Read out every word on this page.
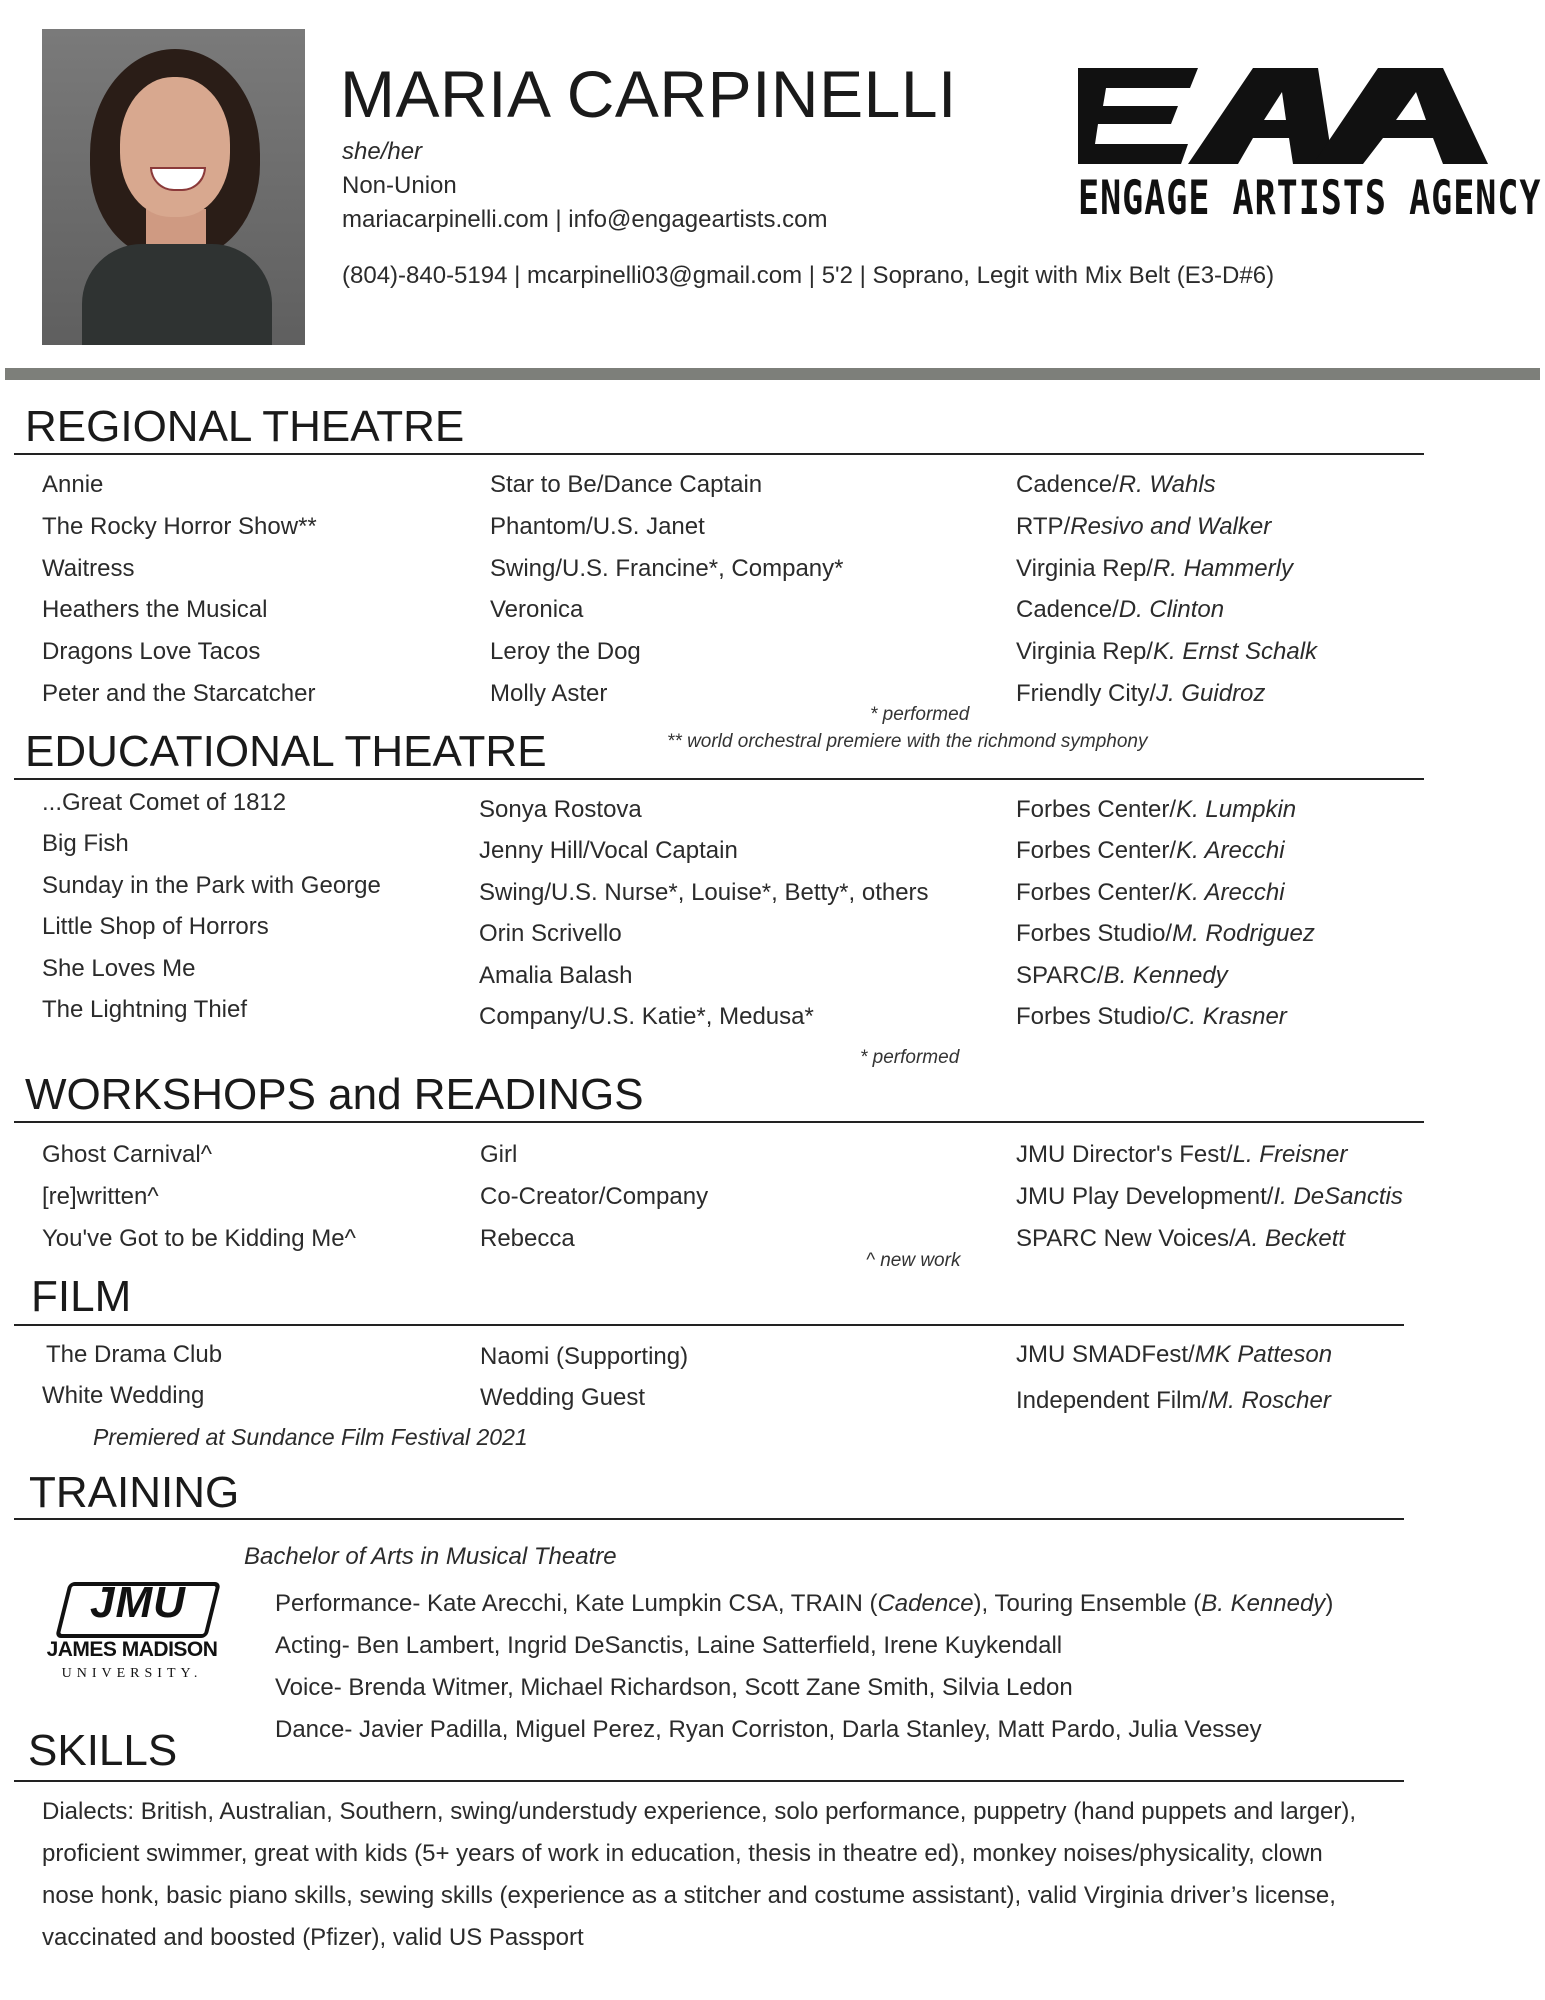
MARIA CARPINELLI
she/her
Non-Union
mariacarpinelli.com | info@engageartists.com
(804)-840-5194 | mcarpinelli03@gmail.com | 5'2 | Soprano, Legit with Mix Belt (E3-D#6)
ENGAGE ARTISTS AGENCY
REGIONAL THEATRE
Annie	Star to Be/Dance Captain	Cadence/R. Wahls
The Rocky Horror Show**	Phantom/U.S. Janet	RTP/Resivo and Walker
Waitress	Swing/U.S. Francine*, Company*	Virginia Rep/R. Hammerly
Heathers the Musical	Veronica	Cadence/D. Clinton
Dragons Love Tacos	Leroy the Dog	Virginia Rep/K. Ernst Schalk
Peter and the Starcatcher	Molly Aster	Friendly City/J. Guidroz
* performed
** world orchestral premiere with the richmond symphony
EDUCATIONAL THEATRE
...Great Comet of 1812	Sonya Rostova	Forbes Center/K. Lumpkin
Big Fish	Jenny Hill/Vocal Captain	Forbes Center/K. Arecchi
Sunday in the Park with George	Swing/U.S. Nurse*, Louise*, Betty*, others	Forbes Center/K. Arecchi
Little Shop of Horrors	Orin Scrivello	Forbes Studio/M. Rodriguez
She Loves Me	Amalia Balash	SPARC/B. Kennedy
The Lightning Thief	Company/U.S. Katie*, Medusa*	Forbes Studio/C. Krasner
* performed
WORKSHOPS and READINGS
Ghost Carnival^	Girl	JMU Director's Fest/L. Freisner
[re]written^	Co-Creator/Company	JMU Play Development/I. DeSanctis
You've Got to be Kidding Me^	Rebecca	SPARC New Voices/A. Beckett
^ new work
FILM
The Drama Club	Naomi (Supporting)	JMU SMADFest/MK Patteson
White Wedding	Wedding Guest	Independent Film/M. Roscher
Premiered at Sundance Film Festival 2021
TRAINING
Bachelor of Arts in Musical Theatre
JMU
JAMES MADISON
UNIVERSITY.
Performance- Kate Arecchi, Kate Lumpkin CSA, TRAIN (Cadence), Touring Ensemble (B. Kennedy)
Acting- Ben Lambert, Ingrid DeSanctis, Laine Satterfield, Irene Kuykendall
Voice- Brenda Witmer, Michael Richardson, Scott Zane Smith, Silvia Ledon
Dance- Javier Padilla, Miguel Perez, Ryan Corriston, Darla Stanley, Matt Pardo, Julia Vessey
SKILLS
Dialects: British, Australian, Southern, swing/understudy experience, solo performance, puppetry (hand puppets and larger),
proficient swimmer, great with kids (5+ years of work in education, thesis in theatre ed), monkey noises/physicality, clown
nose honk, basic piano skills, sewing skills (experience as a stitcher and costume assistant), valid Virginia driver’s license,
vaccinated and boosted (Pfizer), valid US Passport
